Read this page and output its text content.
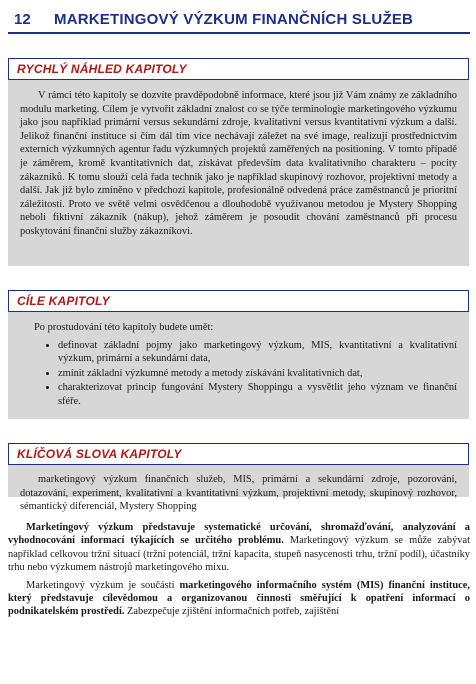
12	MARKETINGOVÝ VÝZKUM FINANČNÍCH SLUŽEB
RYCHLÝ NÁHLED KAPITOLY
V rámci této kapitoly se dozvíte pravděpodobně informace, které jsou již Vám známy ze základního modulu marketing. Cílem je vytvořit základní znalost co se týče terminologie marketingového výzkumu jako jsou například primární versus sekundární zdroje, kvalitativní versus kvantitativní výzkum a další. Jelikož finanční instituce si čím dál tím více nechávají záležet na své image, realizují prostřednictvím externích výzkumných agentur řadu výzkumných projektů zaměřených na positioning. V tomto případě je záměrem, kromě kvantitativních dat, získávat především data kvalitativního charakteru – pocity zákazníků. K tomu slouží celá řada technik jako je například skupinový rozhovor, projektivní metody a další. Jak již bylo zmíněno v předchozí kapitole, profesionálně odvedená práce zaměstnanců je prioritní záležitostí. Proto ve světě velmi osvědčenou a dlouhodobě využívanou metodou je Mystery Shopping neboli fiktivní zákazník (nákup), jehož záměrem je posoudit chování zaměstnanců při procesu poskytování finanční služby zákazníkovi.
CÍLE KAPITOLY
Po prostudování této kapitoly budete umět:
• definovat základní pojmy jako marketingový výzkum, MIS, kvantitativní a kvalitativní výzkum, primární a sekundární data,
• zmínit základní výzkumné metody a metody získávání kvalitativních dat,
• charakterizovat princip fungování Mystery Shoppingu a vysvětlit jeho význam ve finanční sféře.
KLÍČOVÁ SLOVA KAPITOLY
marketingový výzkum finančních služeb, MIS, primární a sekundární zdroje, pozorování, dotazování, experiment, kvalitativní a kvantitativní výzkum, projektivní metody, skupinový rozhovor, sémantický diferenciál, Mystery Shopping

Marketingový výzkum představuje systematické určování, shromažďování, analyzování a vyhodnocování informací týkajících se určitého problému. Marketingový výzkum se může zabývat například celkovou tržní situací (tržní potenciál, tržní kapacita, stupeň nasycenosti trhu, tržní podíl), účastníky trhu nebo výzkumem nástrojů marketingového mixu.

Marketingový výzkum je součástí marketingového informačního systém (MIS) finanční instituce, který představuje cílevědomou a organizovanou činnosti směřující k opatření informací o podnikatelském prostředí. Zabezpečuje zjištění informačních potřeb, zajištění
